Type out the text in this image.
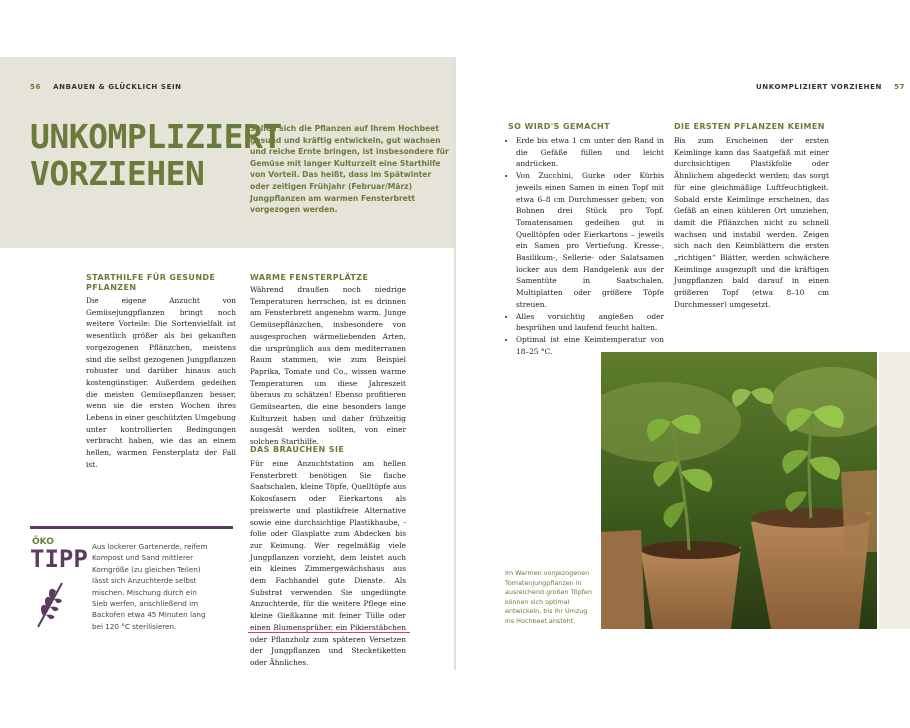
56 ANBAUEN & GLÜCKLICH SEIN
UNKOMPLIZIERT
VORZIEHEN
Sollen sich die Pflanzen auf Ihrem Hochbeet gesund und kräftig entwickeln, gut wachsen und reiche Ernte bringen, ist insbesondere für Gemüse mit langer Kulturzeit eine Starthilfe von Vorteil. Das heißt, dass im Spätwinter oder zeitigen Frühjahr (Februar/März) Jungpflanzen am warmen Fensterbrett vorgezogen werden.
STARTHILFE FÜR GESUNDE PFLANZEN
Die eigene Anzucht von Gemüsejungpflanzen bringt noch weitere Vorteile: Die Sortenvielfalt ist wesentlich größer als bei gekauften vorgezogenen Pflänzchen, meistens sind die selbst gezogenen Jungpflanzen robuster und darüber hinaus auch kostengünstiger. Außerdem gedeihen die meisten Gemüsepflanzen besser, wenn sie die ersten Wochen ihres Lebens in einer geschützten Umgebung unter kontrollierten Bedingungen verbracht haben, wie das an einem hellen, warmen Fensterplatz der Fall ist.
WARME FENSTERPLÄTZE
Während draußen noch niedrige Temperaturen herrschen, ist es drinnen am Fensterbrett angenehm warm. Junge Gemüsepflänzchen, insbesondere von ausgesprochen wärmeliebenden Arten, die ursprünglich aus dem mediterranen Raum stammen, wie zum Beispiel Paprika, Tomate und Co., wissen warme Temperaturen um diese Jahreszeit überaus zu schätzen! Ebenso profitieren Gemüsearten, die eine besonders lange Kulturzeit haben und daher frühzeitig ausgesät werden sollten, von einer solchen Starthilfe.
DAS BRAUCHEN SIE
Für eine Anzuchtstation am hellen Fensterbrett benötigen Sie flache Saatschalen, kleine Töpfe, Quelltöpfe aus Kokosfasern oder Eierkartons als preiswerte und plastikfreie Alternative sowie eine durchsichtige Plastikhaube, -folie oder Glasplatte zum Abdecken bis zur Keimung. Wer regelmäßig viele Jungpflanzen vorzieht, dem leistet auch ein kleines Zimmergewächshaus aus dem Fachhandel gute Dienste. Als Substrat verwenden Sie ungedüngte Anzuchterde, für die weitere Pflege eine kleine Gießkanne mit feiner Tülle oder einen Blumensprüher, ein Pikierstäbchen oder Pflanzholz zum späteren Versetzen der Jungpflanzen und Stecketiketten oder Ähnliches.
ÖKO
TIPP Aus lockerer Gartenerde, reifem Kompost und Sand mittlerer Korngröße (zu gleichen Teilen) lässt sich Anzuchterde selbst mischen. Mischung durch ein Sieb werfen, anschließend im Backofen etwa 45 Minuten lang bei 120 °C sterilisieren.
UNKOMPLIZIERT VORZIEHEN 57
SO WIRD'S GEMACHT
• Erde bis etwa 1 cm unter den Rand in die Gefäße füllen und leicht andrücken.
• Von Zucchini, Gurke oder Kürbis jeweils einen Samen in einen Topf mit etwa 6–8 cm Durchmesser geben; von Bohnen drei Stück pro Topf. Tomatensamen gedeihen gut in Quelltöpfen oder Eierkartons – jeweils ein Samen pro Vertiefung. Kresse-, Basilikum-, Sellerie- oder Salatsamen locker aus dem Handgelenk aus der Samentüte in Saatschalen, Multiplatten oder größere Töpfe streuen.
• Alles vorsichtig angießen oder besprühen und laufend feucht halten.
• Optimal ist eine Keimtemperatur von 18–25 °C.
DIE ERSTEN PFLANZEN KEIMEN
Bis zum Erscheinen der ersten Keimlinge kann das Saatgefäß mit einer durchsichtigen Plastikfolie oder Ähnlichem abgedeckt werden; das sorgt für eine gleichmäßige Luftfeuchtigkeit. Sobald erste Keimlinge erscheinen, das Gefäß an einen kühleren Ort umziehen, damit die Pflänzchen nicht zu schnell wachsen und instabil werden. Zeigen sich nach den Keimblättern die ersten „richtigen“ Blätter, werden schwächere Keimlinge ausgezupft und die kräftigen Jungpflanzen bald darauf in einen größeren Topf (etwa 8–10 cm Durchmesser) umgesetzt.
Im Warmen vorgezogenen Tomatenjungpflanzen in ausreichend großen Töpfen können sich optimal entwickeln, bis ihr Umzug ins Hochbeet ansteht.
